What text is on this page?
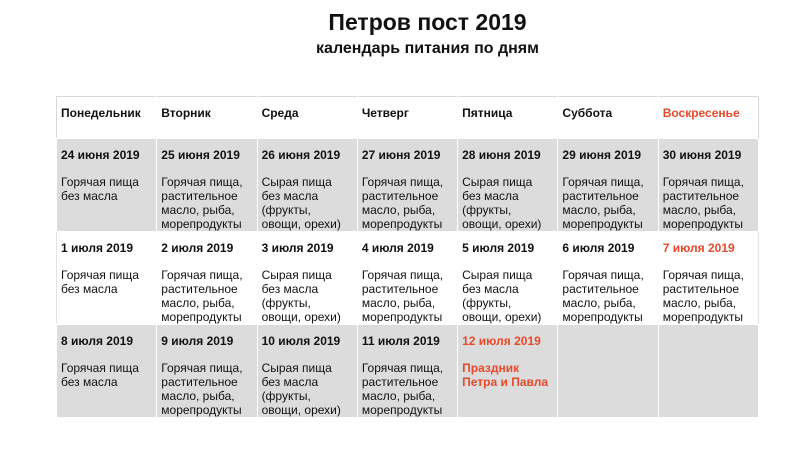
Петров пост 2019
календарь питания по дням
Понедельник	Вторник	Среда	Четверг	Пятница	Суббота	Воскресенье

24 июня 2019
Горячая пища без масла	25 июня 2019
Горячая пища, растительное масло, рыба, морепродукты	26 июня 2019
Сырая пища без масла (фрукты, овощи, орехи)	27 июня 2019
Горячая пища, растительное масло, рыба, морепродукты	28 июня 2019
Сырая пища без масла (фрукты, овощи, орехи)	29 июня 2019
Горячая пища, растительное масло, рыба, морепродукты	30 июня 2019
Горячая пища, растительное масло, рыба, морепродукты

1 июля 2019
Горячая пища без масла	2 июля 2019
Горячая пища, растительное масло, рыба, морепродукты	3 июля 2019
Сырая пища без масла (фрукты, овощи, орехи)	4 июля 2019
Горячая пища, растительное масло, рыба, морепродукты	5 июля 2019
Сырая пища без масла (фрукты, овощи, орехи)	6 июля 2019
Горячая пища, растительное масло, рыба, морепродукты	7 июля 2019
Горячая пища, растительное масло, рыба, морепродукты

8 июля 2019
Горячая пища без масла	9 июля 2019
Горячая пища, растительное масло, рыба, морепродукты	10 июля 2019
Сырая пища без масла (фрукты, овощи, орехи)	11 июля 2019
Горячая пища, растительное масло, рыба, морепродукты	12 июля 2019
Праздник Петра и Павла		
